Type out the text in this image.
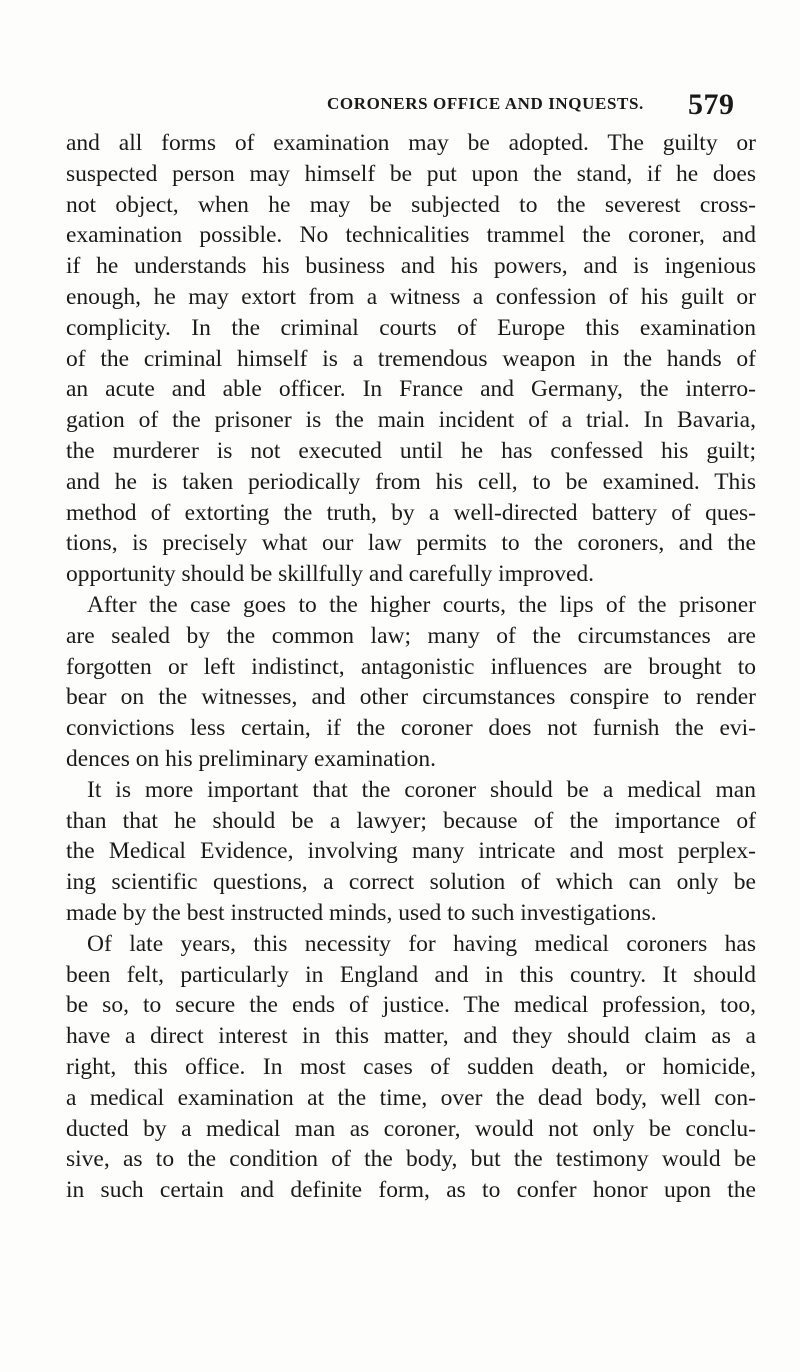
CORONERS OFFICE AND INQUESTS. 579
and all forms of examination may be adopted. The guilty or
suspected person may himself be put upon the stand, if he does
not object, when he may be subjected to the severest cross-
examination possible. No technicalities trammel the coroner, and
if he understands his business and his powers, and is ingenious
enough, he may extort from a witness a confession of his guilt or
complicity. In the criminal courts of Europe this examination
of the criminal himself is a tremendous weapon in the hands of
an acute and able officer. In France and Germany, the interro-
gation of the prisoner is the main incident of a trial. In Bavaria,
the murderer is not executed until he has confessed his guilt;
and he is taken periodically from his cell, to be examined. This
method of extorting the truth, by a well-directed battery of ques-
tions, is precisely what our law permits to the coroners, and the
opportunity should be skillfully and carefully improved.
After the case goes to the higher courts, the lips of the prisoner
are sealed by the common law; many of the circumstances are
forgotten or left indistinct, antagonistic influences are brought to
bear on the witnesses, and other circumstances conspire to render
convictions less certain, if the coroner does not furnish the evi-
dences on his preliminary examination.
It is more important that the coroner should be a medical man
than that he should be a lawyer; because of the importance of
the Medical Evidence, involving many intricate and most perplex-
ing scientific questions, a correct solution of which can only be
made by the best instructed minds, used to such investigations.
Of late years, this necessity for having medical coroners has
been felt, particularly in England and in this country. It should
be so, to secure the ends of justice. The medical profession, too,
have a direct interest in this matter, and they should claim as a
right, this office. In most cases of sudden death, or homicide,
a medical examination at the time, over the dead body, well con-
ducted by a medical man as coroner, would not only be conclu-
sive, as to the condition of the body, but the testimony would be
in such certain and definite form, as to confer honor upon the
